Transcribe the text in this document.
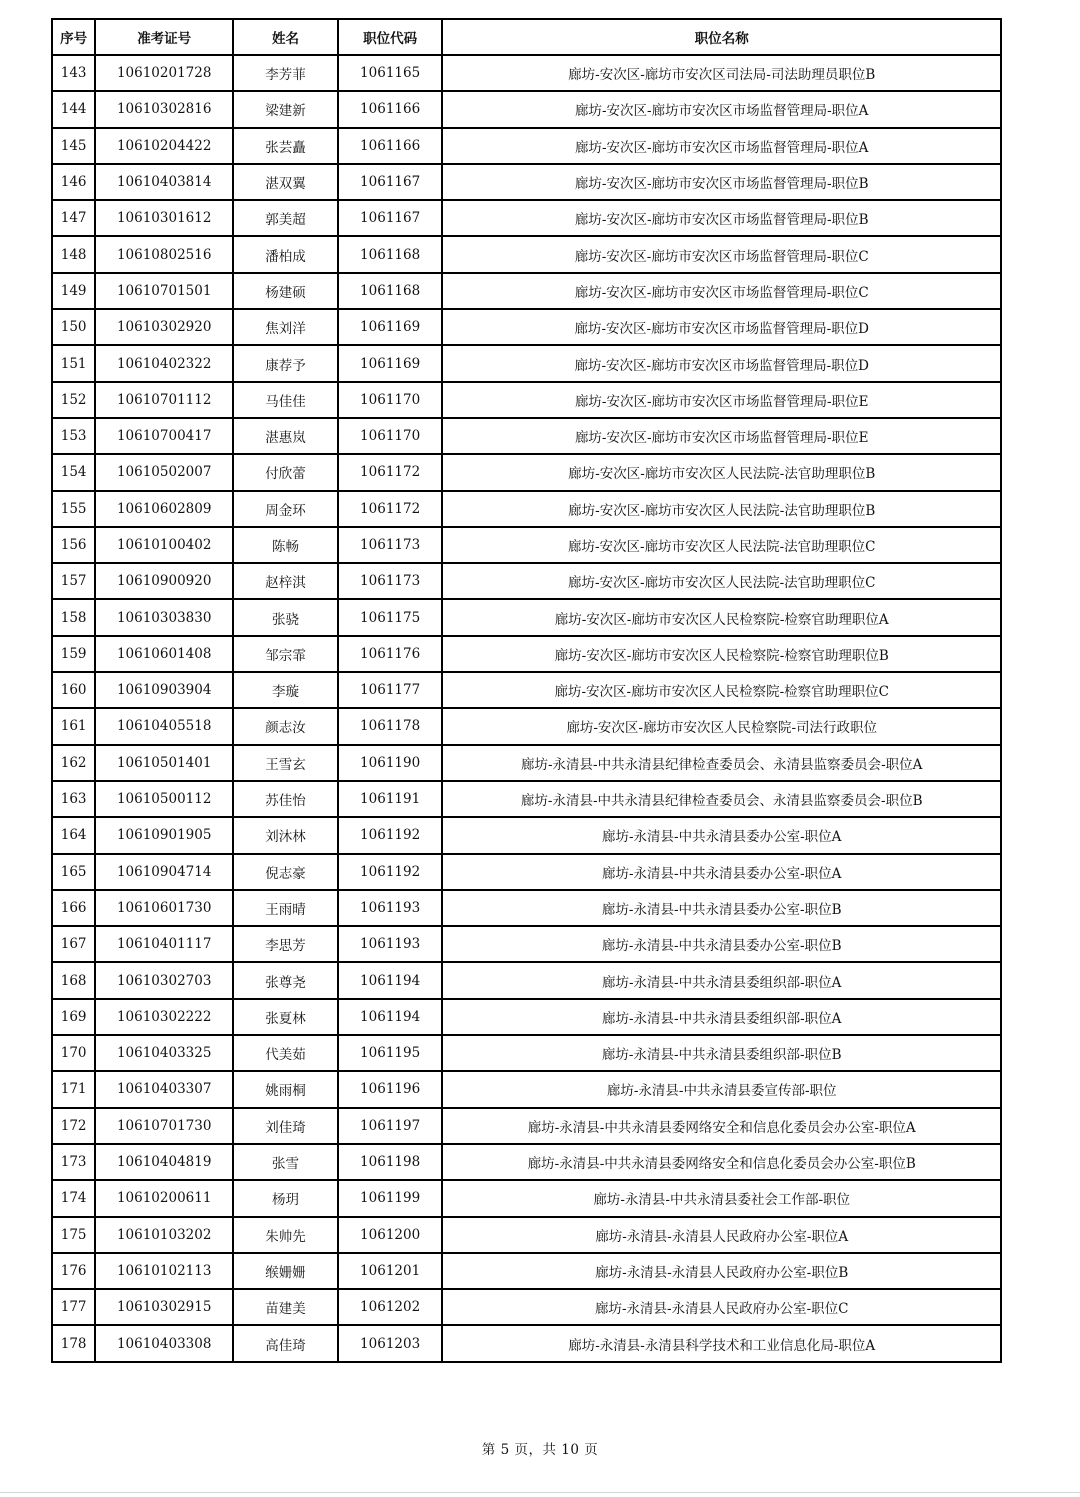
序号	准考证号	姓名	职位代码	职位名称
143	10610201728	李芳菲	1061165	廊坊-安次区-廊坊市安次区司法局-司法助理员职位B
144	10610302816	梁建新	1061166	廊坊-安次区-廊坊市安次区市场监督管理局-职位A
145	10610204422	张芸矗	1061166	廊坊-安次区-廊坊市安次区市场监督管理局-职位A
146	10610403814	湛双翼	1061167	廊坊-安次区-廊坊市安次区市场监督管理局-职位B
147	10610301612	郭美超	1061167	廊坊-安次区-廊坊市安次区市场监督管理局-职位B
148	10610802516	潘柏成	1061168	廊坊-安次区-廊坊市安次区市场监督管理局-职位C
149	10610701501	杨建硕	1061168	廊坊-安次区-廊坊市安次区市场监督管理局-职位C
150	10610302920	焦刘洋	1061169	廊坊-安次区-廊坊市安次区市场监督管理局-职位D
151	10610402322	康荐予	1061169	廊坊-安次区-廊坊市安次区市场监督管理局-职位D
152	10610701112	马佳佳	1061170	廊坊-安次区-廊坊市安次区市场监督管理局-职位E
153	10610700417	湛惠岚	1061170	廊坊-安次区-廊坊市安次区市场监督管理局-职位E
154	10610502007	付欣蕾	1061172	廊坊-安次区-廊坊市安次区人民法院-法官助理职位B
155	10610602809	周金环	1061172	廊坊-安次区-廊坊市安次区人民法院-法官助理职位B
156	10610100402	陈畅	1061173	廊坊-安次区-廊坊市安次区人民法院-法官助理职位C
157	10610900920	赵梓淇	1061173	廊坊-安次区-廊坊市安次区人民法院-法官助理职位C
158	10610303830	张骁	1061175	廊坊-安次区-廊坊市安次区人民检察院-检察官助理职位A
159	10610601408	邹宗霏	1061176	廊坊-安次区-廊坊市安次区人民检察院-检察官助理职位B
160	10610903904	李璇	1061177	廊坊-安次区-廊坊市安次区人民检察院-检察官助理职位C
161	10610405518	颜志汝	1061178	廊坊-安次区-廊坊市安次区人民检察院-司法行政职位
162	10610501401	王雪玄	1061190	廊坊-永清县-中共永清县纪律检查委员会、永清县监察委员会-职位A
163	10610500112	苏佳怡	1061191	廊坊-永清县-中共永清县纪律检查委员会、永清县监察委员会-职位B
164	10610901905	刘沐林	1061192	廊坊-永清县-中共永清县委办公室-职位A
165	10610904714	倪志豪	1061192	廊坊-永清县-中共永清县委办公室-职位A
166	10610601730	王雨晴	1061193	廊坊-永清县-中共永清县委办公室-职位B
167	10610401117	李思芳	1061193	廊坊-永清县-中共永清县委办公室-职位B
168	10610302703	张尊尧	1061194	廊坊-永清县-中共永清县委组织部-职位A
169	10610302222	张夏林	1061194	廊坊-永清县-中共永清县委组织部-职位A
170	10610403325	代美茹	1061195	廊坊-永清县-中共永清县委组织部-职位B
171	10610403307	姚雨桐	1061196	廊坊-永清县-中共永清县委宣传部-职位
172	10610701730	刘佳琦	1061197	廊坊-永清县-中共永清县委网络安全和信息化委员会办公室-职位A
173	10610404819	张雪	1061198	廊坊-永清县-中共永清县委网络安全和信息化委员会办公室-职位B
174	10610200611	杨玥	1061199	廊坊-永清县-中共永清县委社会工作部-职位
175	10610103202	朱帅先	1061200	廊坊-永清县-永清县人民政府办公室-职位A
176	10610102113	缑姗姗	1061201	廊坊-永清县-永清县人民政府办公室-职位B
177	10610302915	苗建美	1061202	廊坊-永清县-永清县人民政府办公室-职位C
178	10610403308	高佳琦	1061203	廊坊-永清县-永清县科学技术和工业信息化局-职位A
第 5 页，共 10 页
